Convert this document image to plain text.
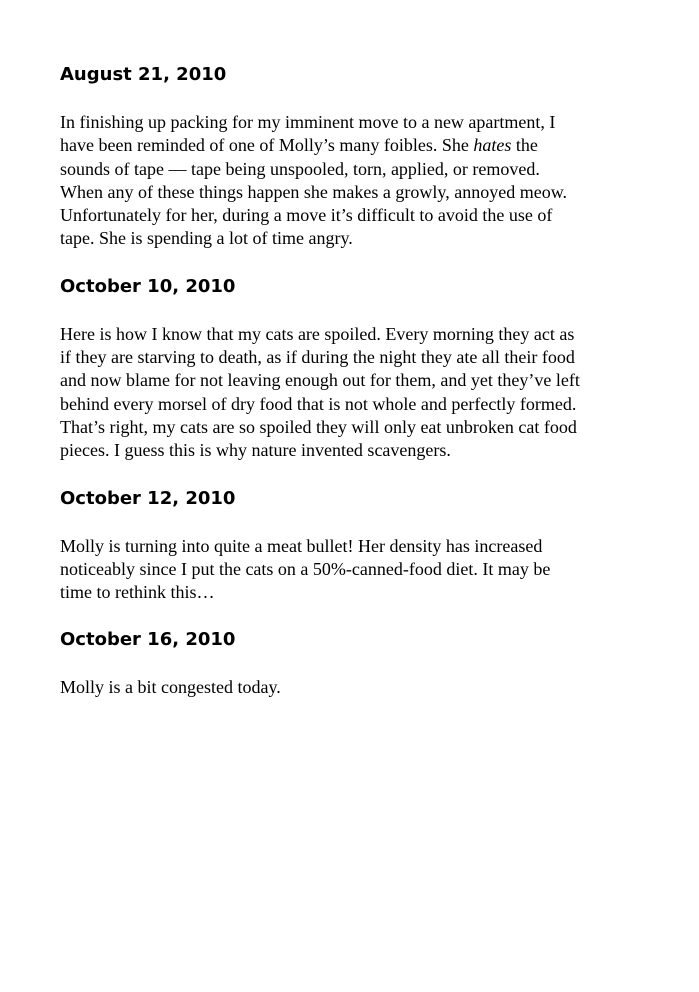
August 21, 2010

In finishing up packing for my imminent move to a new apartment, I have been reminded of one of Molly’s many foibles. She hates the sounds of tape — tape being unspooled, torn, applied, or removed. When any of these things happen she makes a growly, annoyed meow. Unfortunately for her, during a move it’s difficult to avoid the use of tape. She is spending a lot of time angry.

October 10, 2010

Here is how I know that my cats are spoiled. Every morning they act as if they are starving to death, as if during the night they ate all their food and now blame for not leaving enough out for them, and yet they’ve left behind every morsel of dry food that is not whole and perfectly formed. That’s right, my cats are so spoiled they will only eat unbroken cat food pieces. I guess this is why nature invented scavengers.

October 12, 2010

Molly is turning into quite a meat bullet! Her density has increased noticeably since I put the cats on a 50%-canned-food diet. It may be time to rethink this…

October 16, 2010

Molly is a bit congested today.
